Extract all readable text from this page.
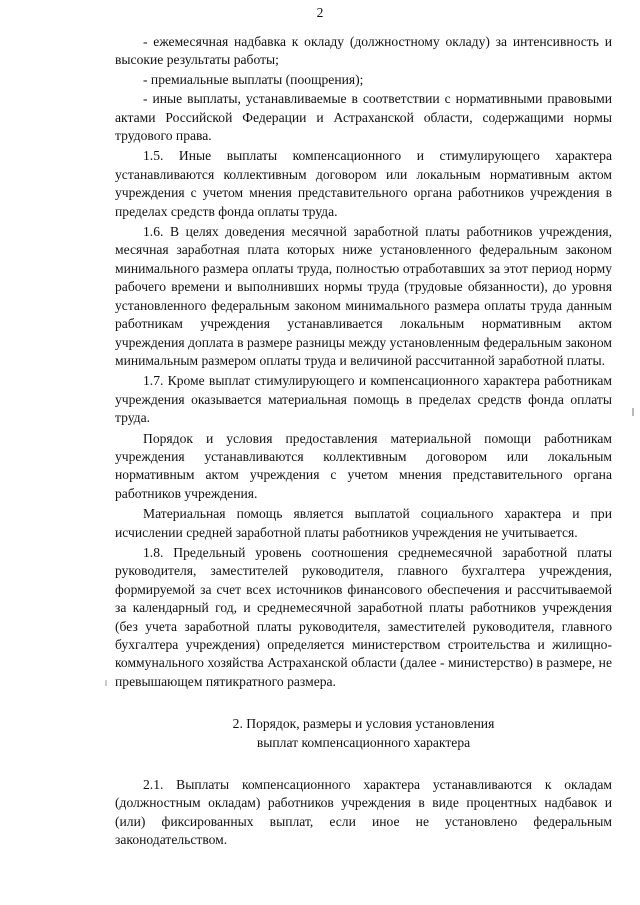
2

- ежемесячная надбавка к окладу (должностному окладу) за интенсивность и высокие результаты работы;

- премиальные выплаты (поощрения);

- иные выплаты, устанавливаемые в соответствии с нормативными правовыми актами Российской Федерации и Астраханской области, содержащими нормы трудового права.

1.5. Иные выплаты компенсационного и стимулирующего характера устанавливаются коллективным договором или локальным нормативным актом учреждения с учетом мнения представительного органа работников учреждения в пределах средств фонда оплаты труда.

1.6. В целях доведения месячной заработной платы работников учреждения, месячная заработная плата которых ниже установленного федеральным законом минимального размера оплаты труда, полностью отработавших за этот период норму рабочего времени и выполнивших нормы труда (трудовые обязанности), до уровня установленного федеральным законом минимального размера оплаты труда данным работникам учреждения устанавливается локальным нормативным актом учреждения доплата в размере разницы между установленным федеральным законом минимальным размером оплаты труда и величиной рассчитанной заработной платы.

1.7. Кроме выплат стимулирующего и компенсационного характера работникам учреждения оказывается материальная помощь в пределах средств фонда оплаты труда.

Порядок и условия предоставления материальной помощи работникам учреждения устанавливаются коллективным договором или локальным нормативным актом учреждения с учетом мнения представительного органа работников учреждения.

Материальная помощь является выплатой социального характера и при исчислении средней заработной платы работников учреждения не учитывается.

1.8. Предельный уровень соотношения среднемесячной заработной платы руководителя, заместителей руководителя, главного бухгалтера учреждения, формируемой за счет всех источников финансового обеспечения и рассчитываемой за календарный год, и среднемесячной заработной платы работников учреждения (без учета заработной платы руководителя, заместителей руководителя, главного бухгалтера учреждения) определяется министерством строительства и жилищно-коммунального хозяйства Астраханской области (далее - министерство) в размере, не превышающем пятикратного размера.

2. Порядок, размеры и условия установления
выплат компенсационного характера

2.1. Выплаты компенсационного характера устанавливаются к окладам (должностным окладам) работников учреждения в виде процентных надбавок и (или) фиксированных выплат, если иное не установлено федеральным законодательством.
